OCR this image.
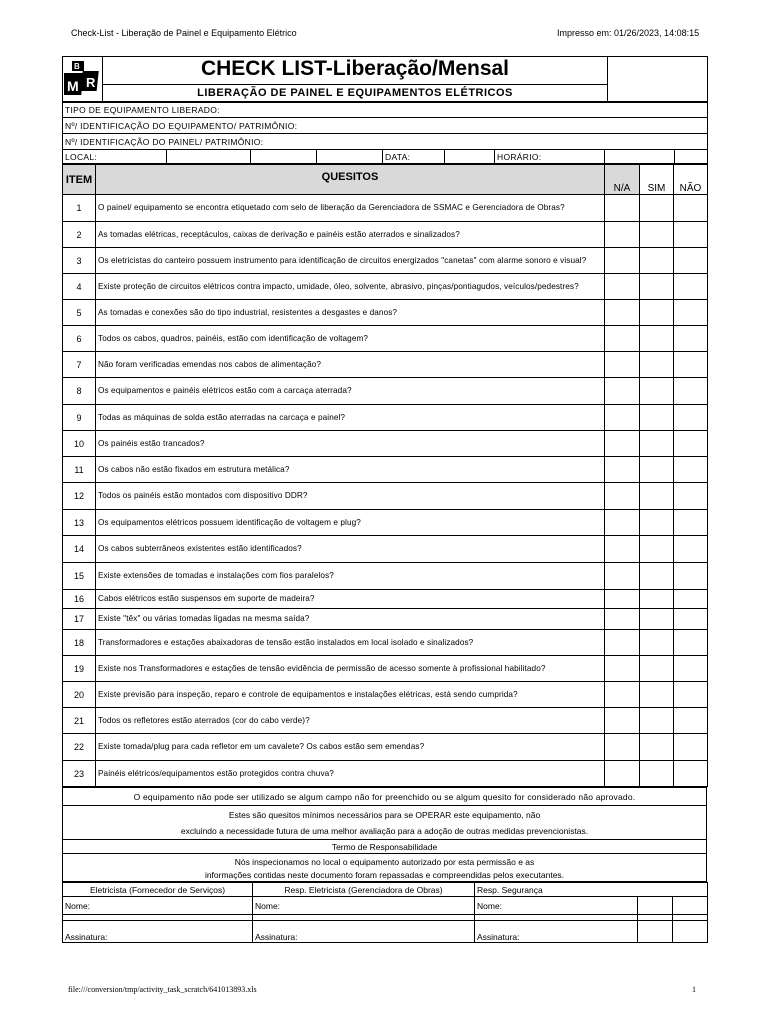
Check-List - Liberação de Painel e Equipamento Elétrico	Impresso em: 01/26/2023, 14:08:15
B
M R

CHECK LIST-Liberação/Mensal
LIBERAÇÃO DE PAINEL E EQUIPAMENTOS ELÉTRICOS

TIPO DE EQUIPAMENTO LIBERADO:
Nº/ IDENTIFICAÇÃO DO EQUIPAMENTO/ PATRIMÔNIO:
Nº/ IDENTIFICAÇÃO DO PAINEL/ PATRIMÔNIO:
LOCAL:				DATA:		HORÁRIO:		
ITEM	QUESITOS	N/A	SIM	NÃO
1	O painel/ equipamento se encontra etiquetado com selo de liberação da Gerenciadora de SSMAC e Gerenciadora de Obras?			
2	As tomadas elétricas, receptáculos, caixas de derivação e painéis estão aterrados e sinalizados?			
3	Os eletricistas do canteiro possuem instrumento para identificação de circuitos energizados "canetas" com alarme sonoro e visual?			
4	Existe proteção de circuitos elétricos contra impacto, umidade, óleo, solvente, abrasivo, pinças/pontiagudos, veículos/pedestres?			
5	As tomadas e conexões são do tipo industrial, resistentes a desgastes e danos?			
6	Todos os cabos, quadros, painéis, estão com identificação de voltagem?			
7	Não foram verificadas emendas nos cabos de alimentação?			
8	Os equipamentos e painéis elétricos estão com a carcaça aterrada?			
9	Todas as máquinas de solda estão aterradas na carcaça e painel?			
10	Os painéis estão trancados?			
11	Os cabos não estão fixados em estrutura metálica?			
12	Todos os painéis estão montados com dispositivo DDR?			
13	Os equipamentos elétricos possuem identificação de voltagem e plug?			
14	Os cabos subterrâneos existentes estão identificados?			
15	Existe extensões de tomadas e instalações com fios paralelos?			
16	Cabos elétricos estão suspensos em suporte de madeira?			
17	Existe "têx" ou várias tomadas ligadas na mesma saída?			
18	Transformadores e estações abaixadoras de tensão estão instalados em local isolado e sinalizados?			
19	Existe nos Transformadores e estações de tensão evidência de permissão de acesso somente à profissional habilitado?			
20	Existe previsão para inspeção, reparo e controle de equipamentos e instalações elétricas, está sendo cumprida?			
21	Todos os refletores estão aterrados (cor do cabo verde)?			
22	Existe tomada/plug para cada refletor em um cavalete? Os cabos estão sem emendas?			
23	Painéis elétricos/equipamentos estão protegidos contra chuva?			
O equipamento não pode ser utilizado se algum campo não for preenchido ou se algum quesito for considerado não aprovado.
Estes são quesitos mínimos necessários para se OPERAR este equipamento, não
excluindo a necessidade futura de uma melhor avaliação para a adoção de outras medidas prevencionistas.
Termo de Responsabilidade
Nós inspecionamos no local o equipamento autorizado por esta permissão e as
informações contidas neste documento foram repassadas e compreendidas pelos executantes.
Eletricista (Fornecedor de Serviços)	Resp. Eletricista (Gerenciadora de Obras)	Resp. Segurança		
Nome:	Nome:	Nome:		

Assinatura:	Assinatura:	Assinatura:		
file:///conversion/tmp/activity_task_scratch/641013893.xls	1
